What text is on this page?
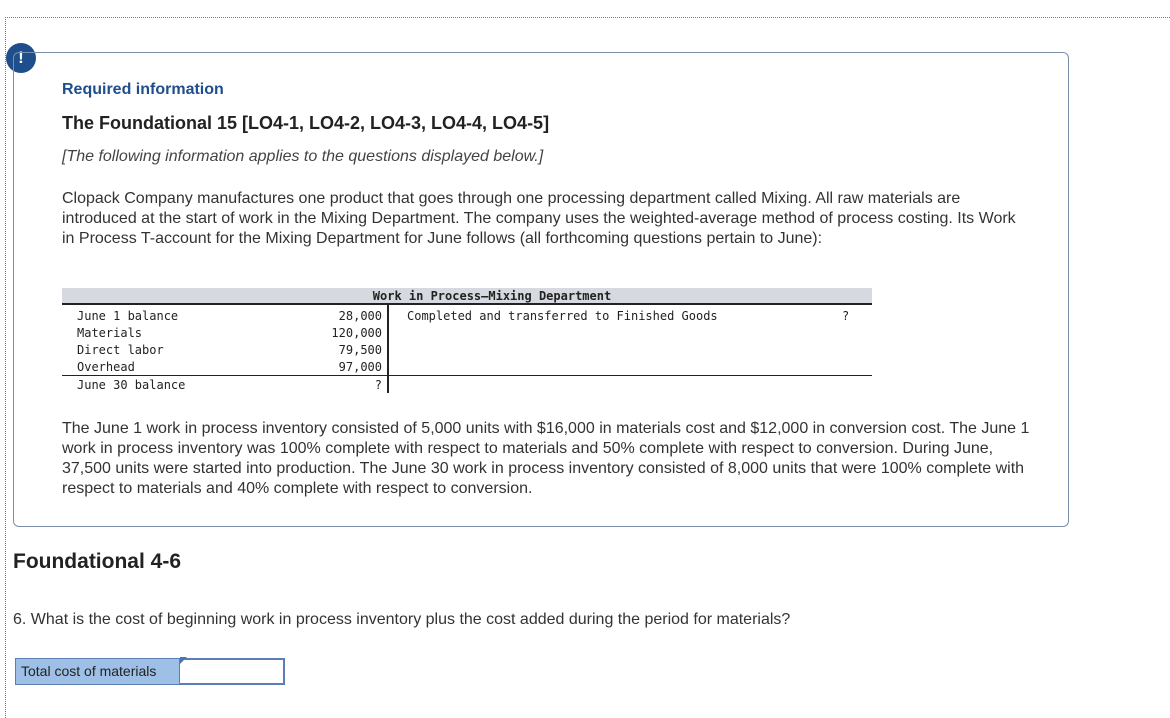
!
Required information
The Foundational 15 [LO4-1, LO4-2, LO4-3, LO4-4, LO4-5]
[The following information applies to the questions displayed below.]

Clopack Company manufactures one product that goes through one processing department called Mixing. All raw materials are introduced at the start of work in the Mixing Department. The company uses the weighted-average method of process costing. Its Work in Process T-account for the Mixing Department for June follows (all forthcoming questions pertain to June):

Work in Process—Mixing Department
June 1 balance
Materials
Direct labor
Overhead
28,000
120,000
79,500
97,000
Completed and transferred to Finished Goods	?
June 30 balance	?

The June 1 work in process inventory consisted of 5,000 units with $16,000 in materials cost and $12,000 in conversion cost. The June 1 work in process inventory was 100% complete with respect to materials and 50% complete with respect to conversion. During June, 37,500 units were started into production. The June 30 work in process inventory consisted of 8,000 units that were 100% complete with respect to materials and 40% complete with respect to conversion.

Foundational 4-6
6. What is the cost of beginning work in process inventory plus the cost added during the period for materials?
Total cost of materials
